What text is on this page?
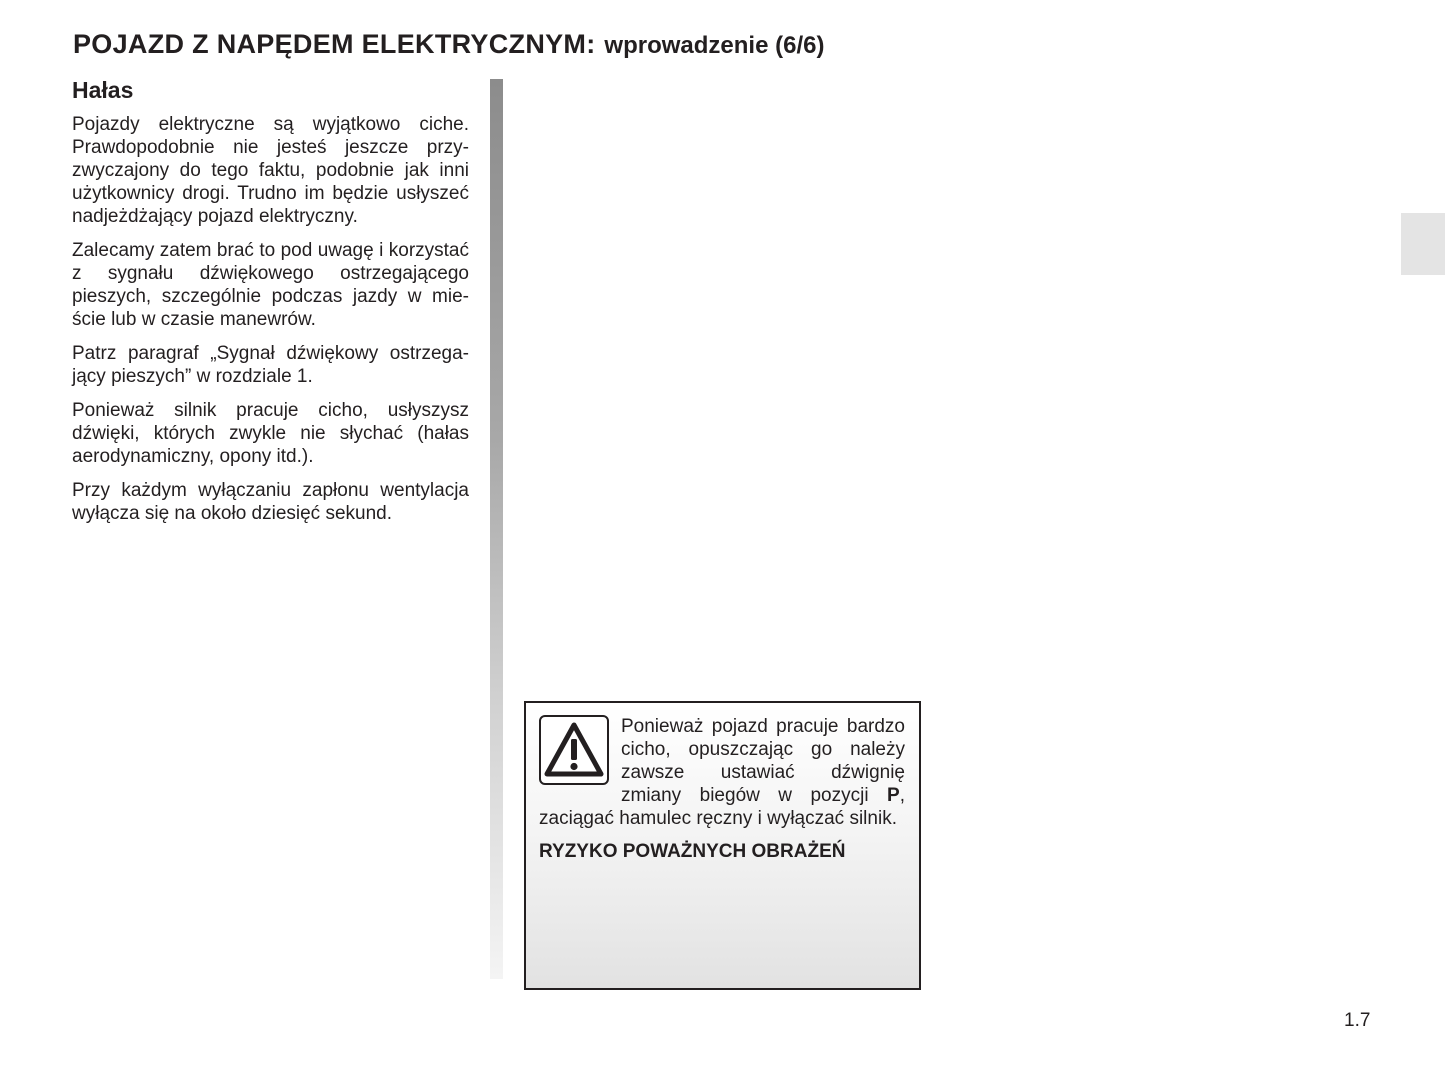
POJAZD Z NAPĘDEM ELEKTRYCZNYM: wprowadzenie (6/6)
Hałas

Pojazdy elektryczne są wyjątkowo ciche. Prawdopodobnie nie jesteś jeszcze przyzwyczajony do tego faktu, podobnie jak inni użytkownicy drogi. Trudno im będzie usłyszeć nadjeżdżający pojazd elektryczny.

Zalecamy zatem brać to pod uwagę i korzystać z sygnału dźwiękowego ostrzegającego pieszych, szczególnie podczas jazdy w mieście lub w czasie manewrów.

Patrz paragraf „Sygnał dźwiękowy ostrzegający pieszych” w rozdziale 1.

Ponieważ silnik pracuje cicho, usłyszysz dźwięki, których zwykle nie słychać (hałas aerodynamiczny, opony itd.).

Przy każdym wyłączaniu zapłonu wentylacja wyłącza się na około dziesięć sekund.

Ponieważ pojazd pracuje bardzo cicho, opuszczając go należy zawsze ustawiać dźwignię zmiany biegów w pozycji P, zaciągać hamulec ręczny i wyłączać silnik.

RYZYKO POWAŻNYCH OBRAŻEŃ

1.7
